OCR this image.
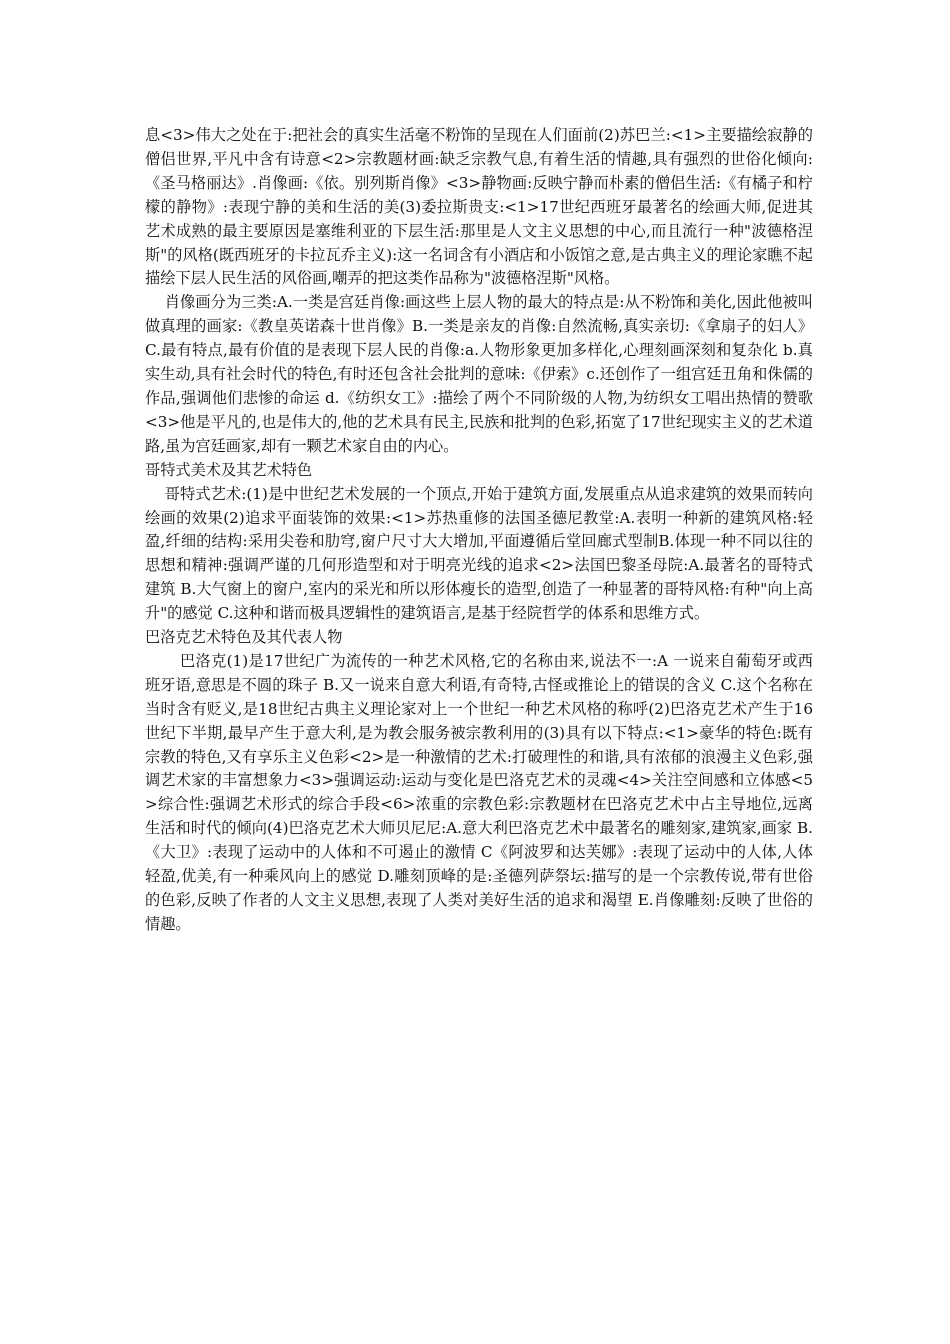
息<3>伟大之处在于:把社会的真实生活毫不粉饰的呈现在人们面前(2)苏巴兰:<1>主要描绘寂静的僧侣世界,平凡中含有诗意<2>宗教题材画:缺乏宗教气息,有着生活的情趣,具有强烈的世俗化倾向:《圣马格丽达》.肖像画:《依。别列斯肖像》<3>静物画:反映宁静而朴素的僧侣生活:《有橘子和柠檬的静物》:表现宁静的美和生活的美(3)委拉斯贵支:<1>17世纪西班牙最著名的绘画大师,促进其艺术成熟的最主要原因是塞维利亚的下层生活:那里是人文主义思想的中心,而且流行一种"波德格涅斯"的风格(既西班牙的卡拉瓦乔主义):这一名词含有小酒店和小饭馆之意,是古典主义的理论家瞧不起描绘下层人民生活的风俗画,嘲弄的把这类作品称为"波德格涅斯"风格。

肖像画分为三类:A.一类是宫廷肖像:画这些上层人物的最大的特点是:从不粉饰和美化,因此他被叫做真理的画家:《教皇英诺森十世肖像》B.一类是亲友的肖像:自然流畅,真实亲切:《拿扇子的妇人》C.最有特点,最有价值的是表现下层人民的肖像:a.人物形象更加多样化,心理刻画深刻和复杂化 b.真实生动,具有社会时代的特色,有时还包含社会批判的意味:《伊索》c.还创作了一组宫廷丑角和侏儒的作品,强调他们悲惨的命运 d.《纺织女工》:描绘了两个不同阶级的人物,为纺织女工唱出热情的赞歌<3>他是平凡的,也是伟大的,他的艺术具有民主,民族和批判的色彩,拓宽了17世纪现实主义的艺术道路,虽为宫廷画家,却有一颗艺术家自由的内心。

哥特式美术及其艺术特色

哥特式艺术:(1)是中世纪艺术发展的一个顶点,开始于建筑方面,发展重点从追求建筑的效果而转向绘画的效果(2)追求平面装饰的效果:<1>苏热重修的法国圣德尼教堂:A.表明一种新的建筑风格:轻盈,纤细的结构:采用尖卷和肋穹,窗户尺寸大大增加,平面遵循后堂回廊式型制B.体现一种不同以往的思想和精神:强调严谨的几何形造型和对于明亮光线的追求<2>法国巴黎圣母院:A.最著名的哥特式建筑 B.大气窗上的窗户,室内的采光和所以形体瘦长的造型,创造了一种显著的哥特风格:有种"向上高升"的感觉 C.这种和谐而极具逻辑性的建筑语言,是基于经院哲学的体系和思维方式。

巴洛克艺术特色及其代表人物

巴洛克(1)是17世纪广为流传的一种艺术风格,它的名称由来,说法不一:A 一说来自葡萄牙或西班牙语,意思是不圆的珠子 B.又一说来自意大利语,有奇特,古怪或推论上的错误的含义 C.这个名称在当时含有贬义,是18世纪古典主义理论家对上一个世纪一种艺术风格的称呼(2)巴洛克艺术产生于16世纪下半期,最早产生于意大利,是为教会服务被宗教利用的(3)具有以下特点:<1>豪华的特色:既有宗教的特色,又有享乐主义色彩<2>是一种激情的艺术:打破理性的和谐,具有浓郁的浪漫主义色彩,强调艺术家的丰富想象力<3>强调运动:运动与变化是巴洛克艺术的灵魂<4>关注空间感和立体感<5>综合性:强调艺术形式的综合手段<6>浓重的宗教色彩:宗教题材在巴洛克艺术中占主导地位,远离生活和时代的倾向(4)巴洛克艺术大师贝尼尼:A.意大利巴洛克艺术中最著名的雕刻家,建筑家,画家 B.《大卫》:表现了运动中的人体和不可遏止的激情 C《阿波罗和达芙娜》:表现了运动中的人体,人体轻盈,优美,有一种乘风向上的感觉 D.雕刻顶峰的是:圣德列萨祭坛:描写的是一个宗教传说,带有世俗的色彩,反映了作者的人文主义思想,表现了人类对美好生活的追求和渴望 E.肖像雕刻:反映了世俗的情趣。
